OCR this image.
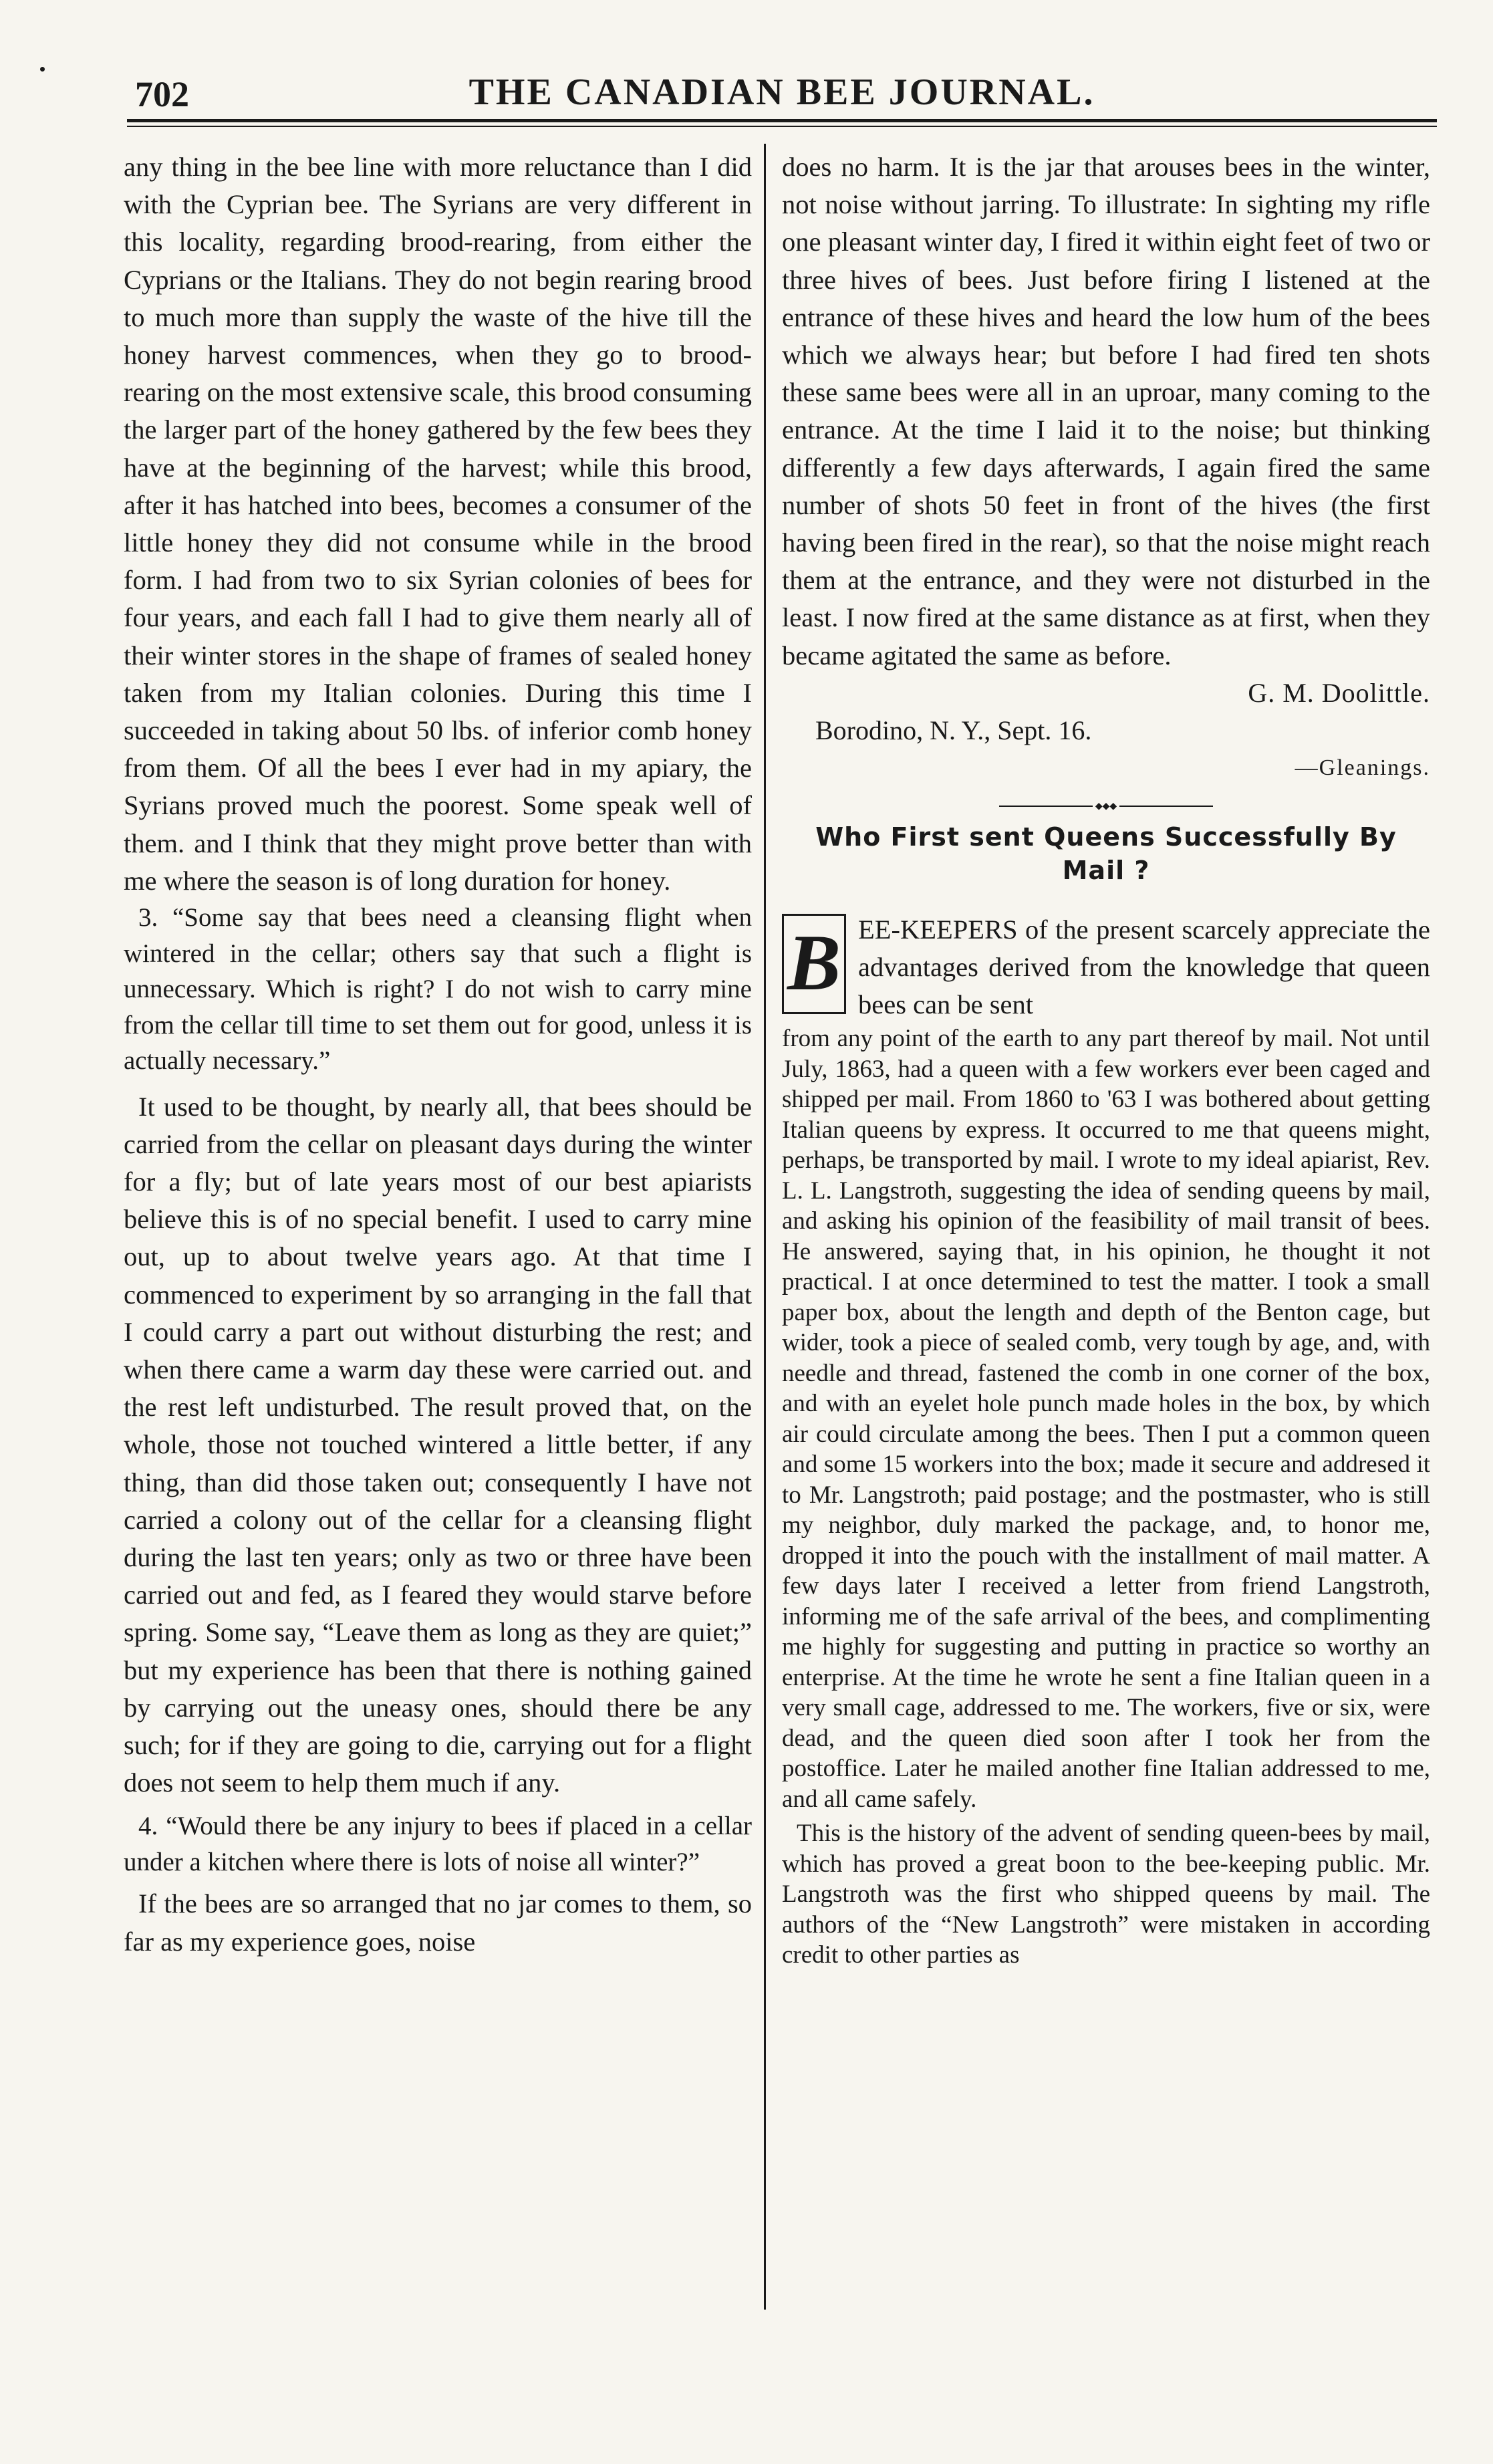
702	THE CANADIAN BEE JOURNAL.

any thing in the bee line with more reluctance than I did with the Cyprian bee. The Syrians are very different in this locality, regarding brood-rearing, from either the Cyprians or the Italians. They do not begin rearing brood to much more than supply the waste of the hive till the honey harvest commences, when they go to brood-rearing on the most extensive scale, this brood consuming the larger part of the honey gathered by the few bees they have at the beginning of the harvest; while this brood, after it has hatched into bees, becomes a consumer of the little honey they did not consume while in the brood form. I had from two to six Syrian colonies of bees for four years, and each fall I had to give them nearly all of their winter stores in the shape of frames of sealed honey taken from my Italian colonies. During this time I succeeded in taking about 50 lbs. of inferior comb honey from them. Of all the bees I ever had in my apiary, the Syrians proved much the poorest. Some speak well of them. and I think that they might prove better than with me where the season is of long duration for honey.

3. “Some say that bees need a cleansing flight when wintered in the cellar; others say that such a flight is unnecessary. Which is right? I do not wish to carry mine from the cellar till time to set them out for good, unless it is actually necessary.”

It used to be thought, by nearly all, that bees should be carried from the cellar on pleasant days during the winter for a fly; but of late years most of our best apiarists believe this is of no special benefit. I used to carry mine out, up to about twelve years ago. At that time I commenced to experiment by so arranging in the fall that I could carry a part out without disturbing the rest; and when there came a warm day these were carried out. and the rest left undisturbed. The result proved that, on the whole, those not touched wintered a little better, if any thing, than did those taken out; consequently I have not carried a colony out of the cellar for a cleansing flight during the last ten years; only as two or three have been carried out and fed, as I feared they would starve before spring. Some say, “Leave them as long as they are quiet;” but my experience has been that there is nothing gained by carrying out the uneasy ones, should there be any such; for if they are going to die, carrying out for a flight does not seem to help them much if any.

4. “Would there be any injury to bees if placed in a cellar under a kitchen where there is lots of noise all winter?”

If the bees are so arranged that no jar comes to them, so far as my experience goes, noise

does no harm. It is the jar that arouses bees in the winter, not noise without jarring. To illustrate: In sighting my rifle one pleasant winter day, I fired it within eight feet of two or three hives of bees. Just before firing I listened at the entrance of these hives and heard the low hum of the bees which we always hear; but before I had fired ten shots these same bees were all in an uproar, many coming to the entrance. At the time I laid it to the noise; but thinking differently a few days afterwards, I again fired the same number of shots 50 feet in front of the hives (the first having been fired in the rear), so that the noise might reach them at the entrance, and they were not disturbed in the least. I now fired at the same distance as at first, when they became agitated the same as before.

G. M. Doolittle.
Borodino, N. Y., Sept. 16.
—Gleanings.
◆◆◆
Who First sent Queens Successfully By Mail ?
B EE-KEEPERS of the present scarcely appreciate the advantages derived from the knowledge that queen bees can be sent

from any point of the earth to any part thereof by mail. Not until July, 1863, had a queen with a few workers ever been caged and shipped per mail. From 1860 to '63 I was bothered about getting Italian queens by express. It occurred to me that queens might, perhaps, be transported by mail. I wrote to my ideal apiarist, Rev. L. L. Langstroth, suggesting the idea of sending queens by mail, and asking his opinion of the feasibility of mail transit of bees. He answered, saying that, in his opinion, he thought it not practical. I at once determined to test the matter. I took a small paper box, about the length and depth of the Benton cage, but wider, took a piece of sealed comb, very tough by age, and, with needle and thread, fastened the comb in one corner of the box, and with an eyelet hole punch made holes in the box, by which air could circulate among the bees. Then I put a common queen and some 15 workers into the box; made it secure and addresed it to Mr. Langstroth; paid postage; and the postmaster, who is still my neighbor, duly marked the package, and, to honor me, dropped it into the pouch with the installment of mail matter. A few days later I received a letter from friend Langstroth, informing me of the safe arrival of the bees, and complimenting me highly for suggesting and putting in practice so worthy an enterprise. At the time he wrote he sent a fine Italian queen in a very small cage, addressed to me. The workers, five or six, were dead, and the queen died soon after I took her from the postoffice. Later he mailed another fine Italian addressed to me, and all came safely.

This is the history of the advent of sending queen-bees by mail, which has proved a great boon to the bee-keeping public. Mr. Langstroth was the first who shipped queens by mail. The authors of the “New Langstroth” were mistaken in according credit to other parties as
